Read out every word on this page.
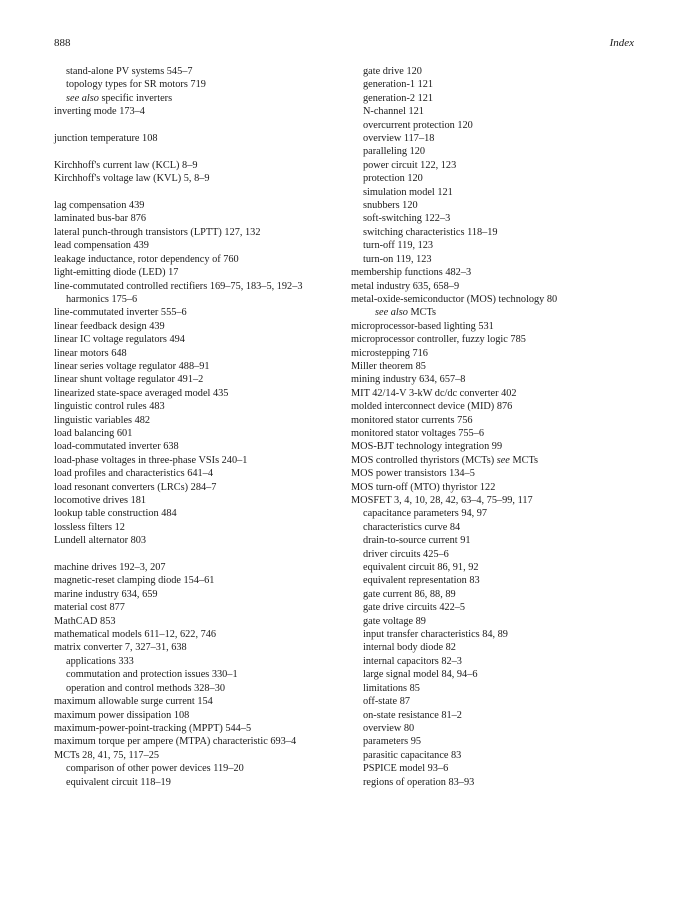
888	Index
stand-alone PV systems 545–7
topology types for SR motors 719
see also specific inverters
inverting mode 173–4
junction temperature 108
Kirchhoff's current law (KCL) 8–9
Kirchhoff's voltage law (KVL) 5, 8–9
lag compensation 439
laminated bus-bar 876
lateral punch-through transistors (LPTT) 127, 132
lead compensation 439
leakage inductance, rotor dependency of 760
light-emitting diode (LED) 17
line-commutated controlled rectifiers 169–75, 183–5, 192–3
harmonics 175–6
line-commutated inverter 555–6
linear feedback design 439
linear IC voltage regulators 494
linear motors 648
linear series voltage regulator 488–91
linear shunt voltage regulator 491–2
linearized state-space averaged model 435
linguistic control rules 483
linguistic variables 482
load balancing 601
load-commutated inverter 638
load-phase voltages in three-phase VSIs 240–1
load profiles and characteristics 641–4
load resonant converters (LRCs) 284–7
locomotive drives 181
lookup table construction 484
lossless filters 12
Lundell alternator 803
machine drives 192–3, 207
magnetic-reset clamping diode 154–61
marine industry 634, 659
material cost 877
MathCAD 853
mathematical models 611–12, 622, 746
matrix converter 7, 327–31, 638
applications 333
commutation and protection issues 330–1
operation and control methods 328–30
maximum allowable surge current 154
maximum power dissipation 108
maximum-power-point-tracking (MPPT) 544–5
maximum torque per ampere (MTPA) characteristic 693–4
MCTs 28, 41, 75, 117–25
comparison of other power devices 119–20
equivalent circuit 118–19
gate drive 120
generation-1 121
generation-2 121
N-channel 121
overcurrent protection 120
overview 117–18
paralleling 120
power circuit 122, 123
protection 120
simulation model 121
snubbers 120
soft-switching 122–3
switching characteristics 118–19
turn-off 119, 123
turn-on 119, 123
membership functions 482–3
metal industry 635, 658–9
metal-oxide-semiconductor (MOS) technology 80
see also MCTs
microprocessor-based lighting 531
microprocessor controller, fuzzy logic 785
microstepping 716
Miller theorem 85
mining industry 634, 657–8
MIT 42/14-V 3-kW dc/dc converter 402
molded interconnect device (MID) 876
monitored stator currents 756
monitored stator voltages 755–6
MOS-BJT technology integration 99
MOS controlled thyristors (MCTs) see MCTs
MOS power transistors 134–5
MOS turn-off (MTO) thyristor 122
MOSFET 3, 4, 10, 28, 42, 63–4, 75–99, 117
capacitance parameters 94, 97
characteristics curve 84
drain-to-source current 91
driver circuits 425–6
equivalent circuit 86, 91, 92
equivalent representation 83
gate current 86, 88, 89
gate drive circuits 422–5
gate voltage 89
input transfer characteristics 84, 89
internal body diode 82
internal capacitors 82–3
large signal model 84, 94–6
limitations 85
off-state 87
on-state resistance 81–2
overview 80
parameters 95
parasitic capacitance 83
PSPICE model 93–6
regions of operation 83–93
